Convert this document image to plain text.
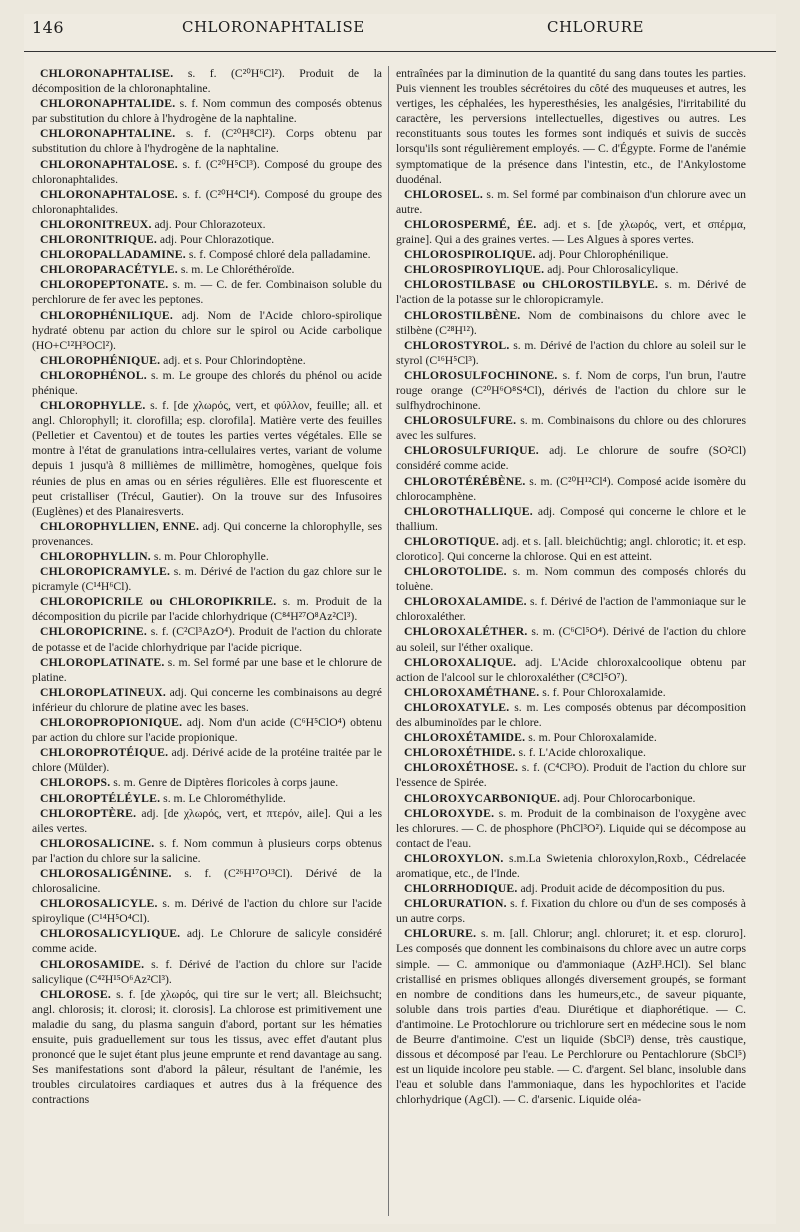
146	CHLORONAPHTALISE	CHLORURE

CHLORONAPHTALISE. s. f. (C²⁰H⁶Cl²). Produit de la décomposition de la chloronaphtaline.

CHLORONAPHTALIDE. s. f. Nom commun des composés obtenus par substitution du chlore à l'hydrogène de la naphtaline.

CHLORONAPHTALINE. s. f. (C²⁰H⁸Cl²). Corps obtenu par substitution du chlore à l'hydrogène de la naphtaline.

CHLORONAPHTALOSE. s. f. (C²⁰H⁵Cl³). Composé du groupe des chloronaphtalides.

CHLORONAPHTALOSE. s. f. (C²⁰H⁴Cl⁴). Composé du groupe des chloronaphtalides.

CHLORONITREUX. adj. Pour Chlorazoteux.

CHLORONITRIQUE. adj. Pour Chlorazotique.

CHLOROPALLADAMINE. s. f. Composé chloré dela palladamine.

CHLOROPARACÉTYLE. s. m. Le Chloréthéroïde.

CHLOROPEPTONATE. s. m. — C. de fer. Combinaison soluble du perchlorure de fer avec les peptones.

CHLOROPHÉNILIQUE. adj. Nom de l'Acide chloro-spirolique hydraté obtenu par action du chlore sur le spirol ou Acide carbolique (HO+C¹²H³OCl²).

CHLOROPHÉNIQUE. adj. et s. Pour Chlorindoptène.

CHLOROPHÉNOL. s. m. Le groupe des chlorés du phénol ou acide phénique.

CHLOROPHYLLE. s. f. [de χλωρός, vert, et φύλλον, feuille; all. et angl. Chlorophyll; it. clorofilla; esp. clorofila]. Matière verte des feuilles (Pelletier et Caventou) et de toutes les parties vertes végétales. Elle se montre à l'état de granulations intra-cellulaires vertes, variant de volume depuis 1 jusqu'à 8 millièmes de millimètre, homogènes, quelque fois réunies de plus en amas ou en séries régulières. Elle est fluorescente et peut cristalliser (Trécul, Gautier). On la trouve sur des Infusoires (Euglènes) et des Planairesverts.

CHLOROPHYLLIEN, ENNE. adj. Qui concerne la chlorophylle, ses provenances.

CHLOROPHYLLIN. s. m. Pour Chlorophylle.

CHLOROPICRAMYLE. s. m. Dérivé de l'action du gaz chlore sur le picramyle (C¹⁴H⁶Cl).

CHLOROPICRILE ou CHLOROPIKRILE. s. m. Produit de la décomposition du picrile par l'acide chlorhydrique (C⁸⁴H²⁷O⁸Az²Cl³).

CHLOROPICRINE. s. f. (C²Cl³AzO⁴). Produit de l'action du chlorate de potasse et de l'acide chlorhydrique par l'acide picrique.

CHLOROPLATINATE. s. m. Sel formé par une base et le chlorure de platine.

CHLOROPLATINEUX. adj. Qui concerne les combinaisons au degré inférieur du chlorure de platine avec les bases.

CHLOROPROPIONIQUE. adj. Nom d'un acide (C⁶H⁵ClO⁴) obtenu par action du chlore sur l'acide propionique.

CHLOROPROTÉIQUE. adj. Dérivé acide de la protéine traitée par le chlore (Mülder).

CHLOROPS. s. m. Genre de Diptères floricoles à corps jaune.

CHLOROPTÉLÉYLE. s. m. Le Chlorométhylide.

CHLOROPTÈRE. adj. [de χλωρός, vert, et πτερόν, aile]. Qui a les ailes vertes.

CHLOROSALICINE. s. f. Nom commun à plusieurs corps obtenus par l'action du chlore sur la salicine.

CHLOROSALIGÉNINE. s. f. (C²⁶H¹⁷O¹³Cl). Dérivé de la chlorosalicine.

CHLOROSALICYLE. s. m. Dérivé de l'action du chlore sur l'acide spiroylique (C¹⁴H⁵O⁴Cl).

CHLOROSALICYLIQUE. adj. Le Chlorure de salicyle considéré comme acide.

CHLOROSAMIDE. s. f. Dérivé de l'action du chlore sur l'acide salicylique (C⁴²H¹⁵O⁶Az²Cl³).

CHLOROSE. s. f. [de χλωρός, qui tire sur le vert; all. Bleichsucht; angl. chlorosis; it. clorosi; it. clorosis]. La chlorose est primitivement une maladie du sang, du plasma sanguin d'abord, portant sur les hématies ensuite, puis graduellement sur tous les tissus, avec effet d'autant plus prononcé que le sujet étant plus jeune emprunte et rend davantage au sang. Ses manifestations sont d'abord la pâleur, résultant de l'anémie, les troubles circulatoires cardiaques et autres dus à la fréquence des contractions

entraînées par la diminution de la quantité du sang dans toutes les parties. Puis viennent les troubles sécrétoires du côté des muqueuses et autres, les vertiges, les céphalées, les hyperesthésies, les analgésies, l'irritabilité du caractère, les perversions intellectuelles, digestives ou autres. Les reconstituants sous toutes les formes sont indiqués et suivis de succès lorsqu'ils sont régulièrement employés. — C. d'Égypte. Forme de l'anémie symptomatique de la présence dans l'intestin, etc., de l'Ankylostome duodénal.

CHLOROSEL. s. m. Sel formé par combinaison d'un chlorure avec un autre.

CHLOROSPERMÉ, ÉE. adj. et s. [de χλωρός, vert, et σπέρμα, graine]. Qui a des graines vertes. — Les Algues à spores vertes.

CHLOROSPIROLIQUE. adj. Pour Chlorophénilique.

CHLOROSPIROYLIQUE. adj. Pour Chlorosalicylique.

CHLOROSTILBASE ou CHLOROSTILBYLE. s. m. Dérivé de l'action de la potasse sur le chloropicramyle.

CHLOROSTILBÈNE. Nom de combinaisons du chlore avec le stilbène (C²⁸H¹²).

CHLOROSTYROL. s. m. Dérivé de l'action du chlore au soleil sur le styrol (C¹⁶H⁵Cl³).

CHLOROSULFOCHINONE. s. f. Nom de corps, l'un brun, l'autre rouge orange (C²⁰H⁶O⁸S⁴Cl), dérivés de l'action du chlore sur le sulfhydrochinone.

CHLOROSULFURE. s. m. Combinaisons du chlore ou des chlorures avec les sulfures.

CHLOROSULFURIQUE. adj. Le chlorure de soufre (SO²Cl) considéré comme acide.

CHLOROTÉRÉBÈNE. s. m. (C²⁰H¹²Cl⁴). Composé acide isomère du chlorocamphène.

CHLOROTHALLIQUE. adj. Composé qui concerne le chlore et le thallium.

CHLOROTIQUE. adj. et s. [all. bleichüchtig; angl. chlorotic; it. et esp. clorotico]. Qui concerne la chlorose. Qui en est atteint.

CHLOROTOLIDE. s. m. Nom commun des composés chlorés du toluène.

CHLOROXALAMIDE. s. f. Dérivé de l'action de l'ammoniaque sur le chloroxaléther.

CHLOROXALÉTHER. s. m. (C⁶Cl⁵O⁴). Dérivé de l'action du chlore au soleil, sur l'éther oxalique.

CHLOROXALIQUE. adj. L'Acide chloroxalcoolique obtenu par action de l'alcool sur le chloroxaléther (C⁸Cl⁵O⁷).

CHLOROXAMÉTHANE. s. f. Pour Chloroxalamide.

CHLOROXATYLE. s. m. Les composés obtenus par décomposition des albuminoïdes par le chlore.

CHLOROXÉTAMIDE. s. m. Pour Chloroxalamide.

CHLOROXÉTHIDE. s. f. L'Acide chloroxalique.

CHLOROXÉTHOSE. s. f. (C⁴Cl³O). Produit de l'action du chlore sur l'essence de Spirée.

CHLOROXYCARBONIQUE. adj. Pour Chlorocarbonique.

CHLOROXYDE. s. m. Produit de la combinaison de l'oxygène avec les chlorures. — C. de phosphore (PhCl³O²). Liquide qui se décompose au contact de l'eau.

CHLOROXYLON. s.m.La Swietenia chloroxylon,Roxb., Cédrelacée aromatique, etc., de l'Inde.

CHLORRHODIQUE. adj. Produit acide de décomposition du pus.

CHLORURATION. s. f. Fixation du chlore ou d'un de ses composés à un autre corps.

CHLORURE. s. m. [all. Chlorur; angl. chloruret; it. et esp. cloruro]. Les composés que donnent les combinaisons du chlore avec un autre corps simple. — C. ammonique ou d'ammoniaque (AzH³.HCl). Sel blanc cristallisé en prismes obliques allongés diversement groupés, se formant en nombre de conditions dans les humeurs,etc., de saveur piquante, soluble dans trois parties d'eau. Diurétique et diaphorétique. — C. d'antimoine. Le Protochlorure ou trichlorure sert en médecine sous le nom de Beurre d'antimoine. C'est un liquide (SbCl³) dense, très caustique, dissous et décomposé par l'eau. Le Perchlorure ou Pentachlorure (SbCl⁵) est un liquide incolore peu stable. — C. d'argent. Sel blanc, insoluble dans l'eau et soluble dans l'ammoniaque, dans les hypochlorites et l'acide chlorhydrique (AgCl). — C. d'arsenic. Liquide oléa-
